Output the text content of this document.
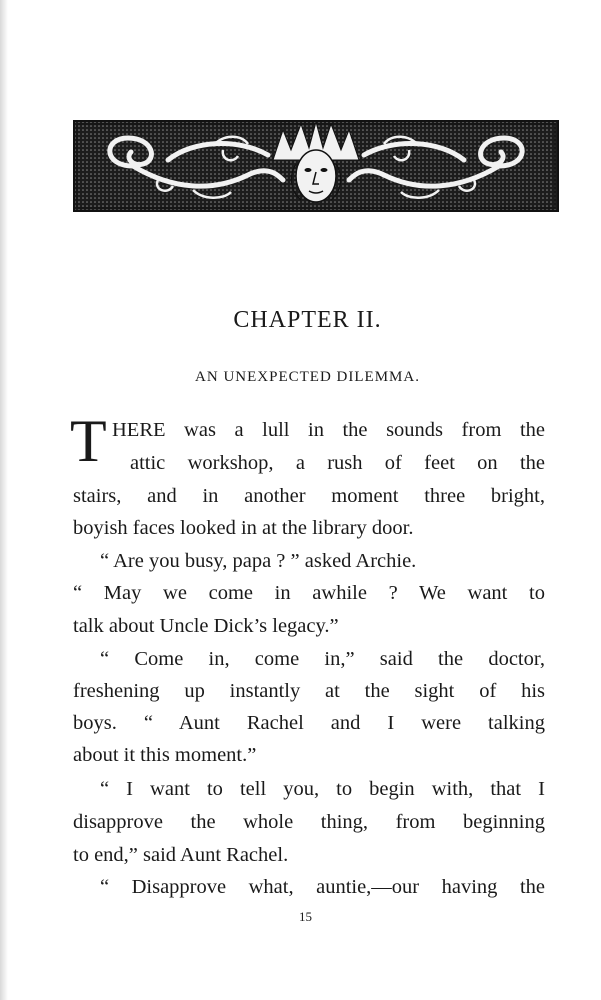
CHAPTER II.
AN UNEXPECTED DILEMMA.
T HERE was a lull in the sounds from the
attic workshop, a rush of feet on the
stairs, and in another moment three bright,
boyish faces looked in at the library door.
“ Are you busy, papa ? ” asked Archie.
“ May we come in awhile ? We want to
talk about Uncle Dick’s legacy.”
“ Come in, come in,” said the doctor,
freshening up instantly at the sight of his
boys. “ Aunt Rachel and I were talking
about it this moment.”
“ I want to tell you, to begin with, that I
disapprove the whole thing, from beginning
to end,” said Aunt Rachel.
“ Disapprove what, auntie,—our having the
15
